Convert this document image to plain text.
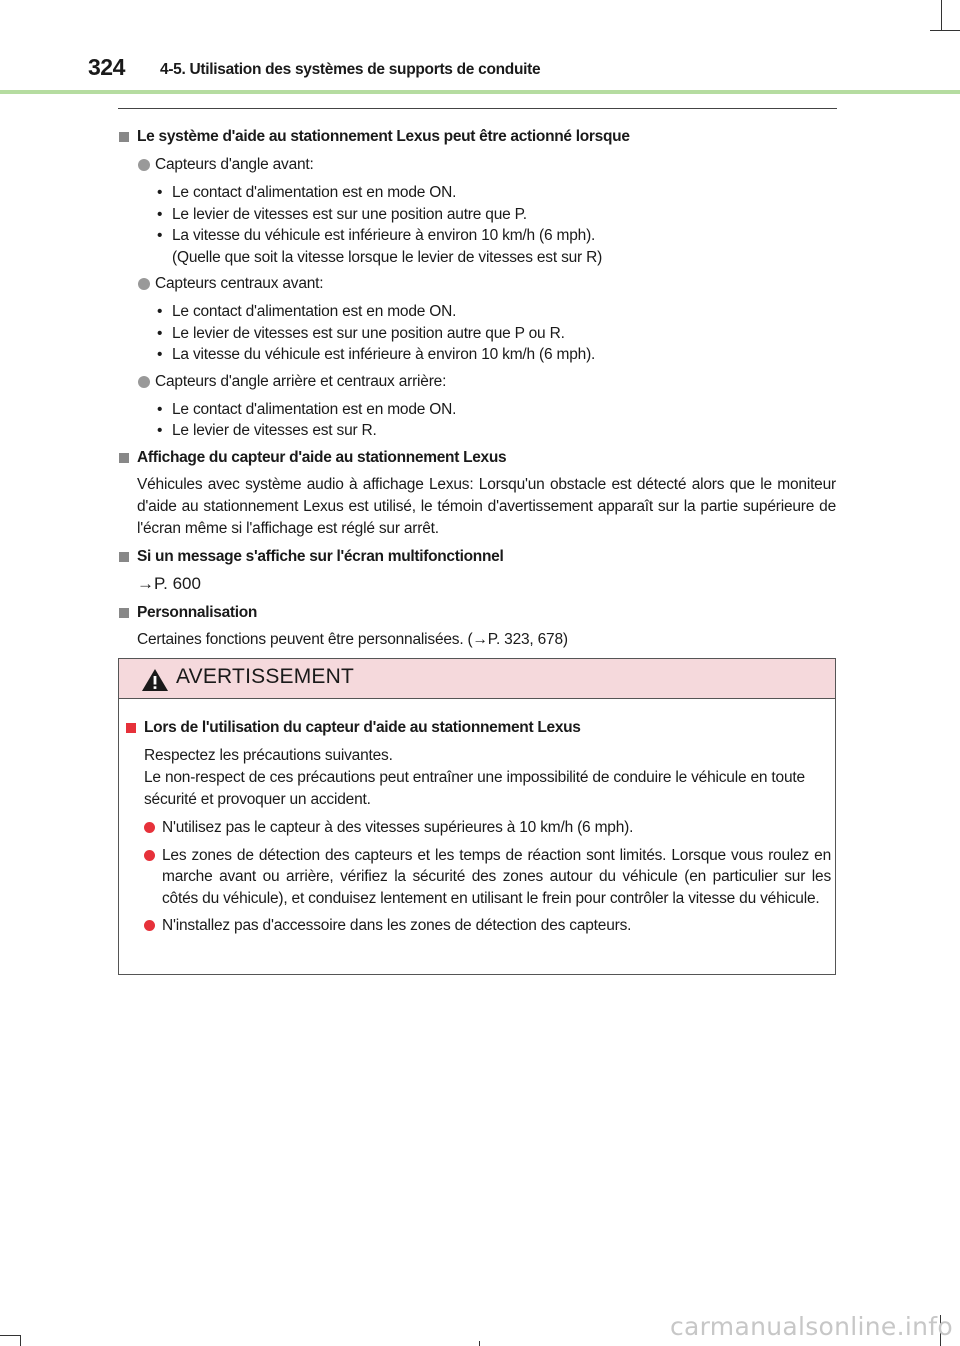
324 4-5. Utilisation des systèmes de supports de conduite
Le système d'aide au stationnement Lexus peut être actionné lorsque
Capteurs d'angle avant:
• Le contact d'alimentation est en mode ON.
• Le levier de vitesses est sur une position autre que P.
• La vitesse du véhicule est inférieure à environ 10 km/h (6 mph).
(Quelle que soit la vitesse lorsque le levier de vitesses est sur R)
Capteurs centraux avant:
• Le contact d'alimentation est en mode ON.
• Le levier de vitesses est sur une position autre que P ou R.
• La vitesse du véhicule est inférieure à environ 10 km/h (6 mph).
Capteurs d'angle arrière et centraux arrière:
• Le contact d'alimentation est en mode ON.
• Le levier de vitesses est sur R.
Affichage du capteur d'aide au stationnement Lexus
Véhicules avec système audio à affichage Lexus: Lorsqu'un obstacle est détecté alors que le moniteur d'aide au stationnement Lexus est utilisé, le témoin d'avertissement apparaît sur la partie supérieure de l'écran même si l'affichage est réglé sur arrêt.
Si un message s'affiche sur l'écran multifonctionnel
→P. 600
Personnalisation
Certaines fonctions peuvent être personnalisées. (→P. 323, 678)
AVERTISSEMENT
Lors de l'utilisation du capteur d'aide au stationnement Lexus
Respectez les précautions suivantes.
Le non-respect de ces précautions peut entraîner une impossibilité de conduire le véhicule en toute sécurité et provoquer un accident.
N'utilisez pas le capteur à des vitesses supérieures à 10 km/h (6 mph).
Les zones de détection des capteurs et les temps de réaction sont limités. Lorsque vous roulez en marche avant ou arrière, vérifiez la sécurité des zones autour du véhicule (en particulier sur les côtés du véhicule), et conduisez lentement en utilisant le frein pour contrôler la vitesse du véhicule.
N'installez pas d'accessoire dans les zones de détection des capteurs.
carmanualsonline.info
